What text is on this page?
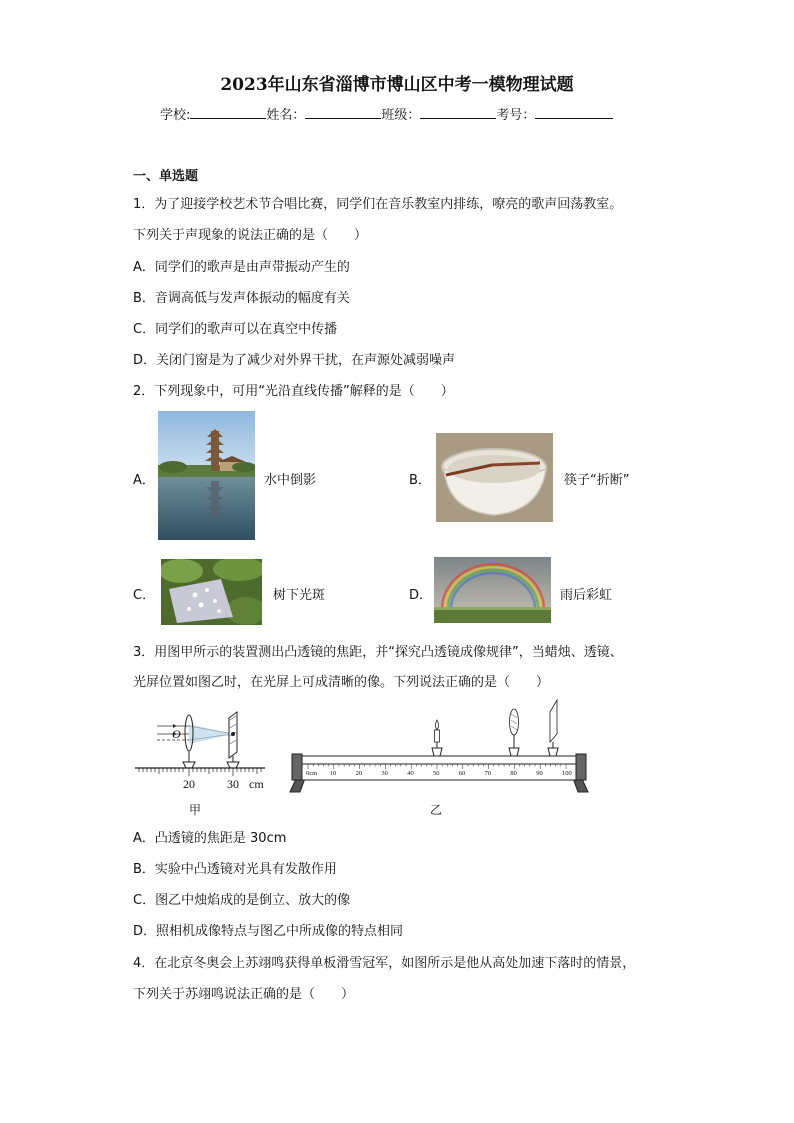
2023年山东省淄博市博山区中考一模物理试题
学校:	姓名：	班级：	考号：
一、单选题
1．为了迎接学校艺术节合唱比赛，同学们在音乐教室内排练，嘹亮的歌声回荡教室。
下列关于声现象的说法正确的是（　　）
A．同学们的歌声是由声带振动产生的
B．音调高低与发声体振动的幅度有关
C．同学们的歌声可以在真空中传播
D．关闭门窗是为了减少对外界干扰，在声源处减弱噪声
2．下列现象中，可用“光沿直线传播”解释的是（　　）
A．	水中倒影	B．	筷子“折断”
C．	树下光斑	D．	雨后彩虹
3．用图甲所示的装置测出凸透镜的焦距，并“探究凸透镜成像规律”，当蜡烛、透镜、
光屏位置如图乙时，在光屏上可成清晰的像。下列说法正确的是（　　）
O
20	30 cm
甲
0cm 10	20	30	40	50	60	70	80	90	100
乙
A．凸透镜的焦距是 30cm
B．实验中凸透镜对光具有发散作用
C．图乙中烛焰成的是倒立、放大的像
D．照相机成像特点与图乙中所成像的特点相同
4．在北京冬奥会上苏翊鸣获得单板滑雪冠军，如图所示是他从高处加速下落时的情景，
下列关于苏翊鸣说法正确的是（　　）
